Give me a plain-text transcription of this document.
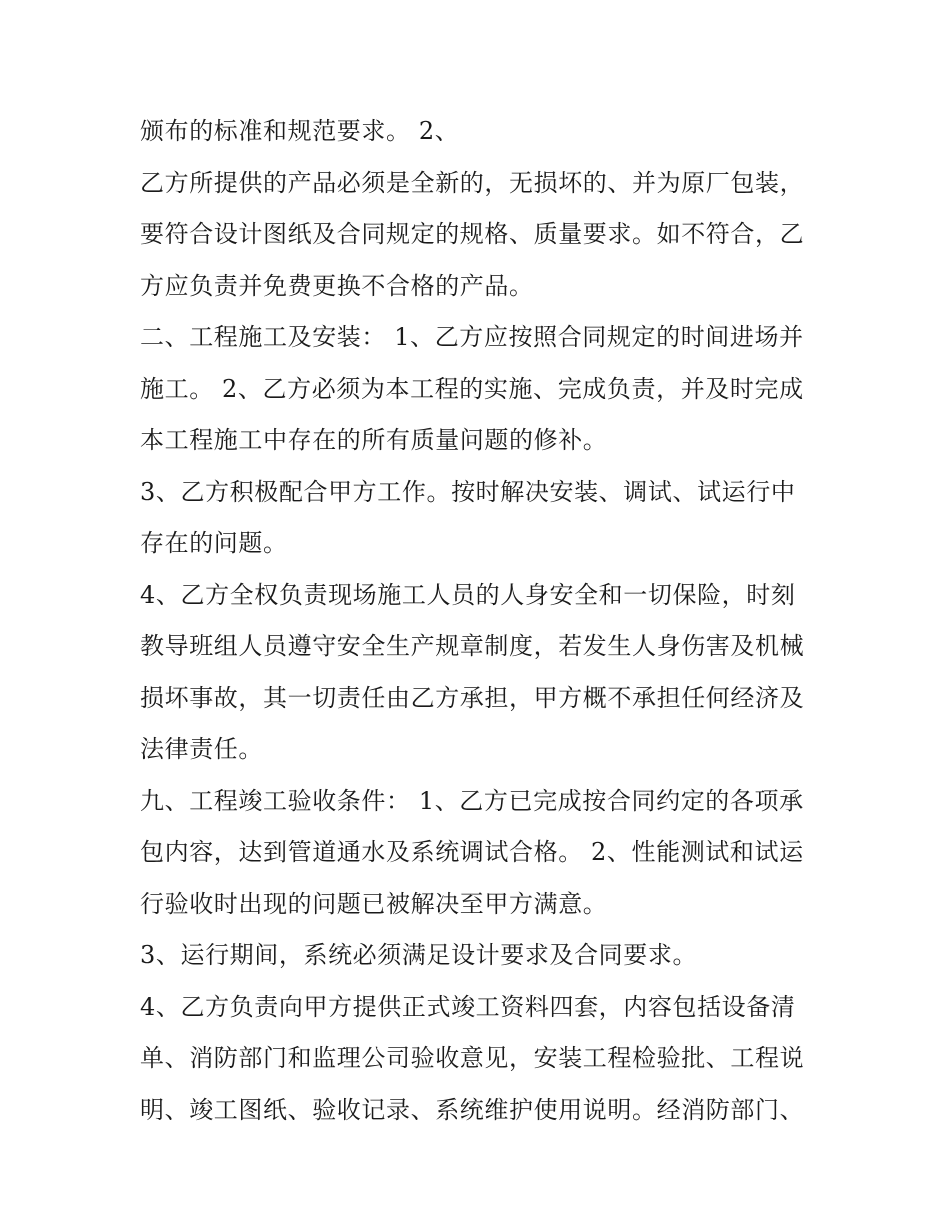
颁布的标准和规范要求。 2、

乙方所提供的产品必须是全新的，无损坏的、并为原厂包装，

要符合设计图纸及合同规定的规格、质量要求。如不符合，乙

方应负责并免费更换不合格的产品。

二、工程施工及安装： 1、乙方应按照合同规定的时间进场并

施工。 2、乙方必须为本工程的实施、完成负责，并及时完成

本工程施工中存在的所有质量问题的修补。

3、乙方积极配合甲方工作。按时解决安装、调试、试运行中

存在的问题。

4、乙方全权负责现场施工人员的人身安全和一切保险，时刻

教导班组人员遵守安全生产规章制度，若发生人身伤害及机械

损坏事故，其一切责任由乙方承担，甲方概不承担任何经济及

法律责任。

九、工程竣工验收条件： 1、乙方已完成按合同约定的各项承

包内容，达到管道通水及系统调试合格。 2、性能测试和试运

行验收时出现的问题已被解决至甲方满意。

3、运行期间，系统必须满足设计要求及合同要求。

4、乙方负责向甲方提供正式竣工资料四套，内容包括设备清

单、消防部门和监理公司验收意见，安装工程检验批、工程说

明、竣工图纸、验收记录、系统维护使用说明。经消防部门、
